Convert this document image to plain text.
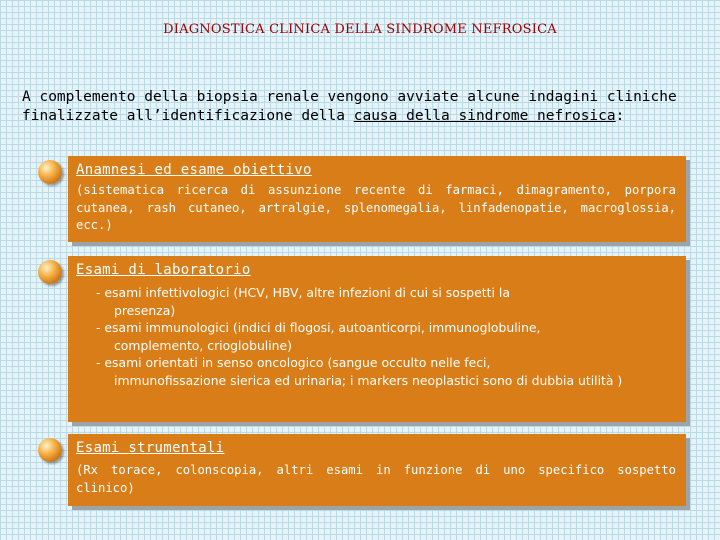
DIAGNOSTICA CLINICA DELLA SINDROME NEFROSICA
A complemento della biopsia renale vengono avviate alcune indagini cliniche finalizzate all’identificazione della causa della sindrome nefrosica:
Anamnesi ed esame obiettivo
(sistematica ricerca di assunzione recente di farmaci, dimagramento, porpora cutanea, rash cutaneo, artralgie, splenomegalia, linfadenopatie, macroglossia, ecc.)
Esami di laboratorio
- esami infettivologici (HCV, HBV, altre infezioni di cui si sospetti la
presenza)
- esami immunologici (indici di flogosi, autoanticorpi, immunoglobuline,
complemento, crioglobuline)
- esami orientati in senso oncologico (sangue occulto nelle feci,
immunofissazione sierica ed urinaria; i markers neoplastici sono di dubbia utilità )
Esami strumentali
(Rx torace, colonscopia, altri esami in funzione di uno specifico sospetto clinico)
